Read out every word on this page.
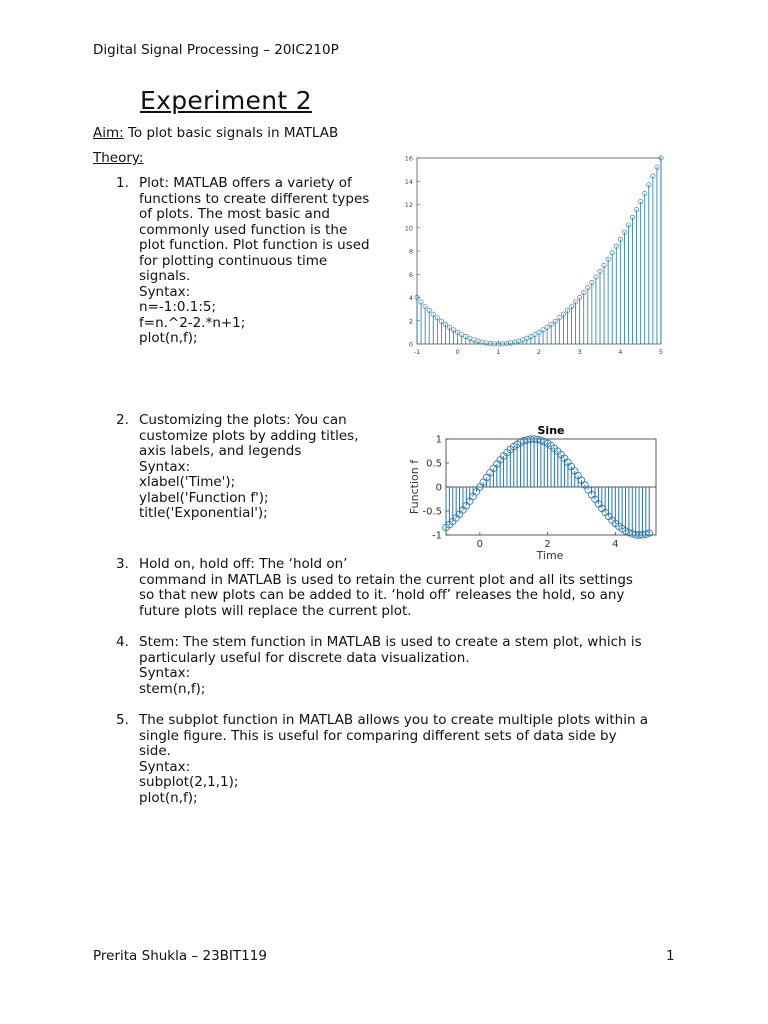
Digital Signal Processing – 20IC210P
Experiment 2
Aim: To plot basic signals in MATLAB
Theory:
1. Plot: MATLAB offers a variety of

functions to create different types

of plots. The most basic and

commonly used function is the

plot function. Plot function is used

for plotting continuous time

signals.

Syntax:

n=-1:0.1:5;

f=n.^2-2.*n+1;

plot(n,f);

2. Customizing the plots: You can

customize plots by adding titles,

axis labels, and legends

Syntax:

xlabel('Time');

ylabel('Function f');

title('Exponential');

3. Hold on, hold off: The ‘hold on’

command in MATLAB is used to retain the current plot and all its settings

so that new plots can be added to it. ‘hold off’ releases the hold, so any

future plots will replace the current plot.

4. Stem: The stem function in MATLAB is used to create a stem plot, which is

particularly useful for discrete data visualization.

Syntax:

stem(n,f);

5. The subplot function in MATLAB allows you to create multiple plots within a

single figure. This is useful for comparing different sets of data side by

side.

Syntax:

subplot(2,1,1);

plot(n,f);

-1	0	1	2	3	4	5
0
2
4
6
8
10
12
14
16
Sine
0	2	4
-1
-0.5
0
0.5
1
Time
Function f
Prerita Shukla – 23BIT119	1
